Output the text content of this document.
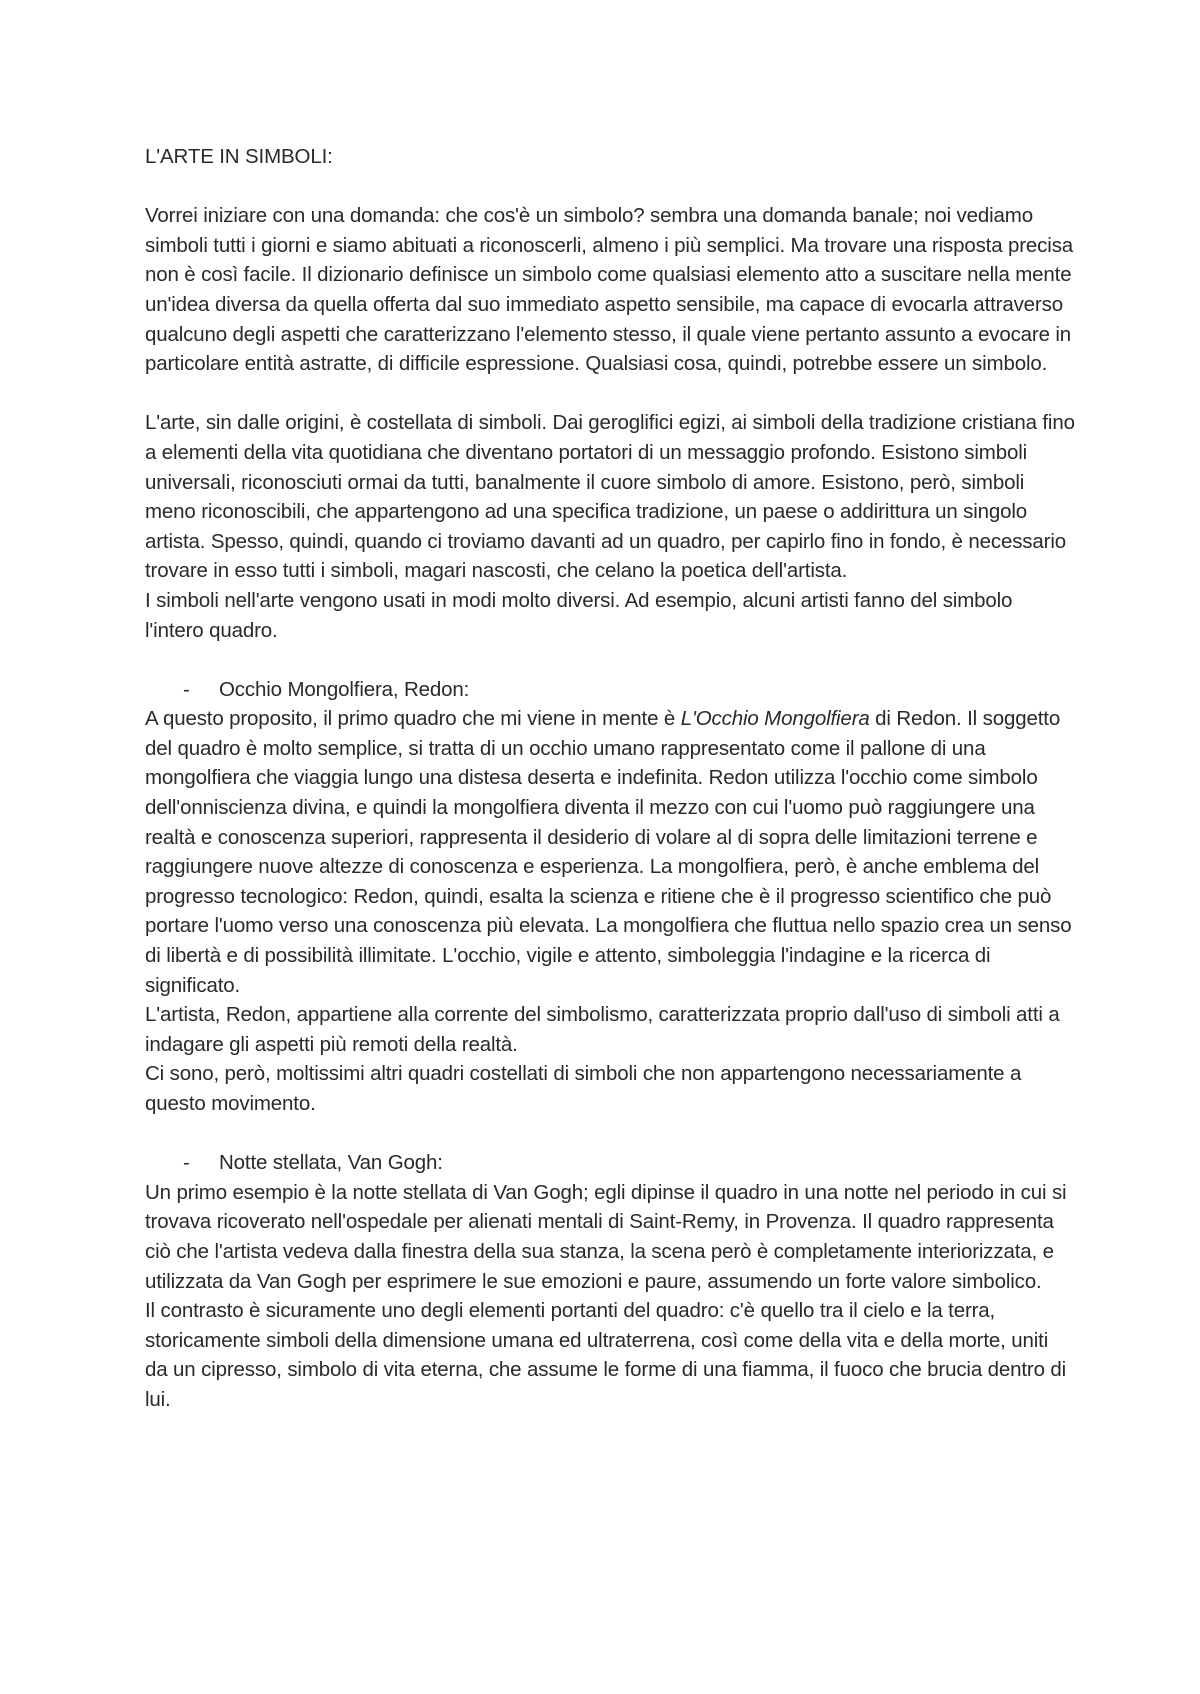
L'ARTE IN SIMBOLI:

Vorrei iniziare con una domanda: che cos'è un simbolo? sembra una domanda banale; noi vediamo simboli tutti i giorni e siamo abituati a riconoscerli, almeno i più semplici. Ma trovare una risposta precisa non è così facile. Il dizionario definisce un simbolo come qualsiasi elemento atto a suscitare nella mente un'idea diversa da quella offerta dal suo immediato aspetto sensibile, ma capace di evocarla attraverso qualcuno degli aspetti che caratterizzano l'elemento stesso, il quale viene pertanto assunto a evocare in particolare entità astratte, di difficile espressione. Qualsiasi cosa, quindi, potrebbe essere un simbolo.

L'arte, sin dalle origini, è costellata di simboli. Dai geroglifici egizi, ai simboli della tradizione cristiana fino a elementi della vita quotidiana che diventano portatori di un messaggio profondo. Esistono simboli universali, riconosciuti ormai da tutti, banalmente il cuore simbolo di amore. Esistono, però, simboli meno riconoscibili, che appartengono ad una specifica tradizione, un paese o addirittura un singolo artista. Spesso, quindi, quando ci troviamo davanti ad un quadro, per capirlo fino in fondo, è necessario trovare in esso tutti i simboli, magari nascosti, che celano la poetica dell'artista.

I simboli nell'arte vengono usati in modi molto diversi. Ad esempio, alcuni artisti fanno del simbolo l'intero quadro.

-	Occhio Mongolfiera, Redon:

A questo proposito, il primo quadro che mi viene in mente è L'Occhio Mongolfiera di Redon. Il soggetto del quadro è molto semplice, si tratta di un occhio umano rappresentato come il pallone di una mongolfiera che viaggia lungo una distesa deserta e indefinita. Redon utilizza l'occhio come simbolo dell'onniscienza divina, e quindi la mongolfiera diventa il mezzo con cui l'uomo può raggiungere una realtà e conoscenza superiori, rappresenta il desiderio di volare al di sopra delle limitazioni terrene e raggiungere nuove altezze di conoscenza e esperienza. La mongolfiera, però, è anche emblema del progresso tecnologico: Redon, quindi, esalta la scienza e ritiene che è il progresso scientifico che può portare l'uomo verso una conoscenza più elevata. La mongolfiera che fluttua nello spazio crea un senso di libertà e di possibilità illimitate. L'occhio, vigile e attento, simboleggia l'indagine e la ricerca di significato.

L'artista, Redon, appartiene alla corrente del simbolismo, caratterizzata proprio dall'uso di simboli atti a indagare gli aspetti più remoti della realtà.

Ci sono, però, moltissimi altri quadri costellati di simboli che non appartengono necessariamente a questo movimento.

-	Notte stellata, Van Gogh:

Un primo esempio è la notte stellata di Van Gogh; egli dipinse il quadro in una notte nel periodo in cui si trovava ricoverato nell'ospedale per alienati mentali di Saint-Remy, in Provenza. Il quadro rappresenta ciò che l'artista vedeva dalla finestra della sua stanza, la scena però è completamente interiorizzata, e utilizzata da Van Gogh per esprimere le sue emozioni e paure, assumendo un forte valore simbolico.

Il contrasto è sicuramente uno degli elementi portanti del quadro: c'è quello tra il cielo e la terra, storicamente simboli della dimensione umana ed ultraterrena, così come della vita e della morte, uniti da un cipresso, simbolo di vita eterna, che assume le forme di una fiamma, il fuoco che brucia dentro di lui.
